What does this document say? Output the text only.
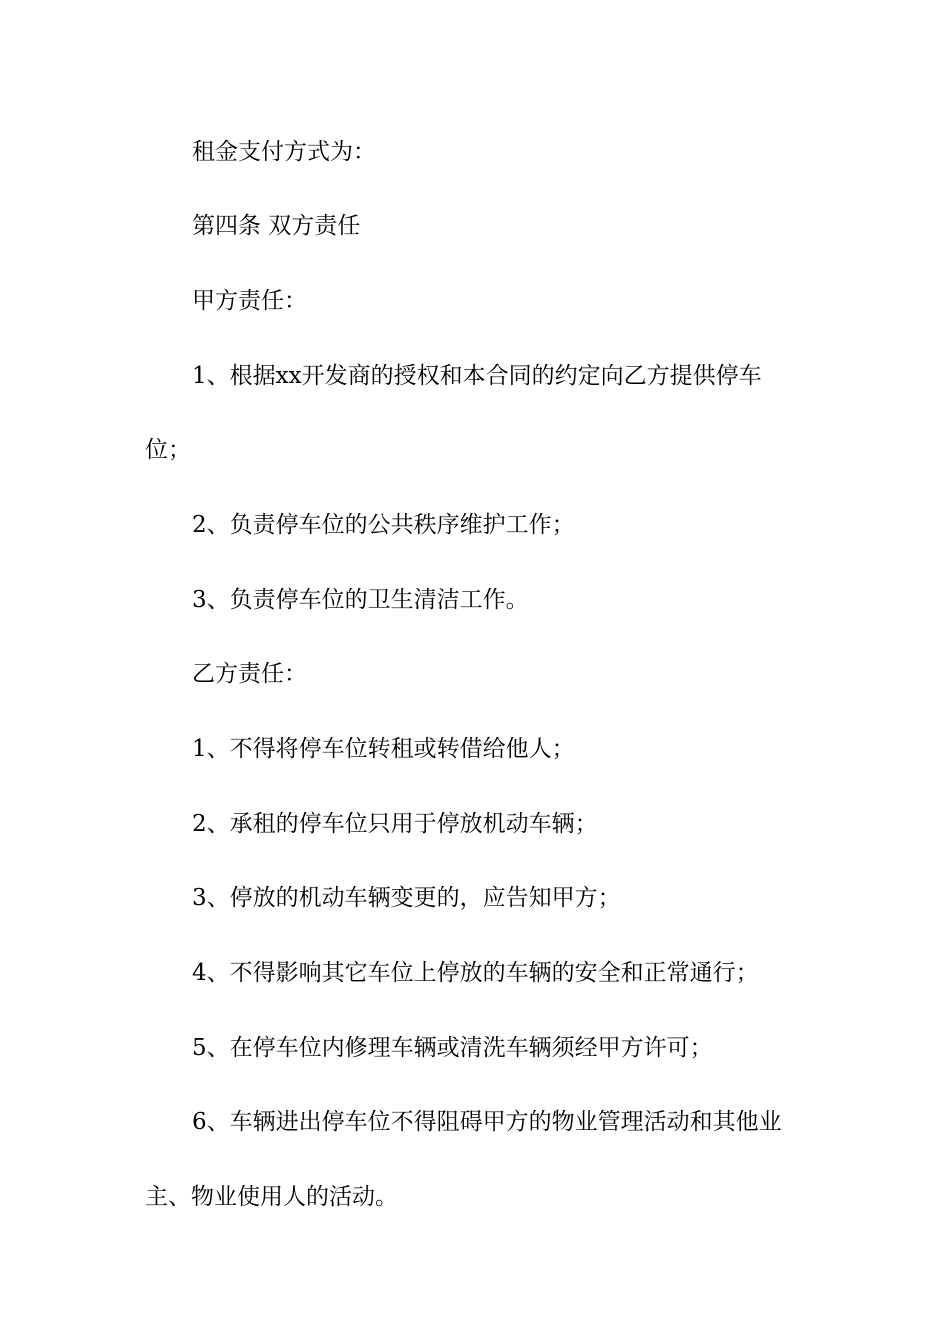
租金支付方式为：
第四条 双方责任
甲方责任：
1、根据xx开发商的授权和本合同的约定向乙方提供停车
位；
2、负责停车位的公共秩序维护工作；
3、负责停车位的卫生清洁工作。
乙方责任：
1、不得将停车位转租或转借给他人；
2、承租的停车位只用于停放机动车辆；
3、停放的机动车辆变更的，应告知甲方；
4、不得影响其它车位上停放的车辆的安全和正常通行；
5、在停车位内修理车辆或清洗车辆须经甲方许可；
6、车辆进出停车位不得阻碍甲方的物业管理活动和其他业
主、物业使用人的活动。
